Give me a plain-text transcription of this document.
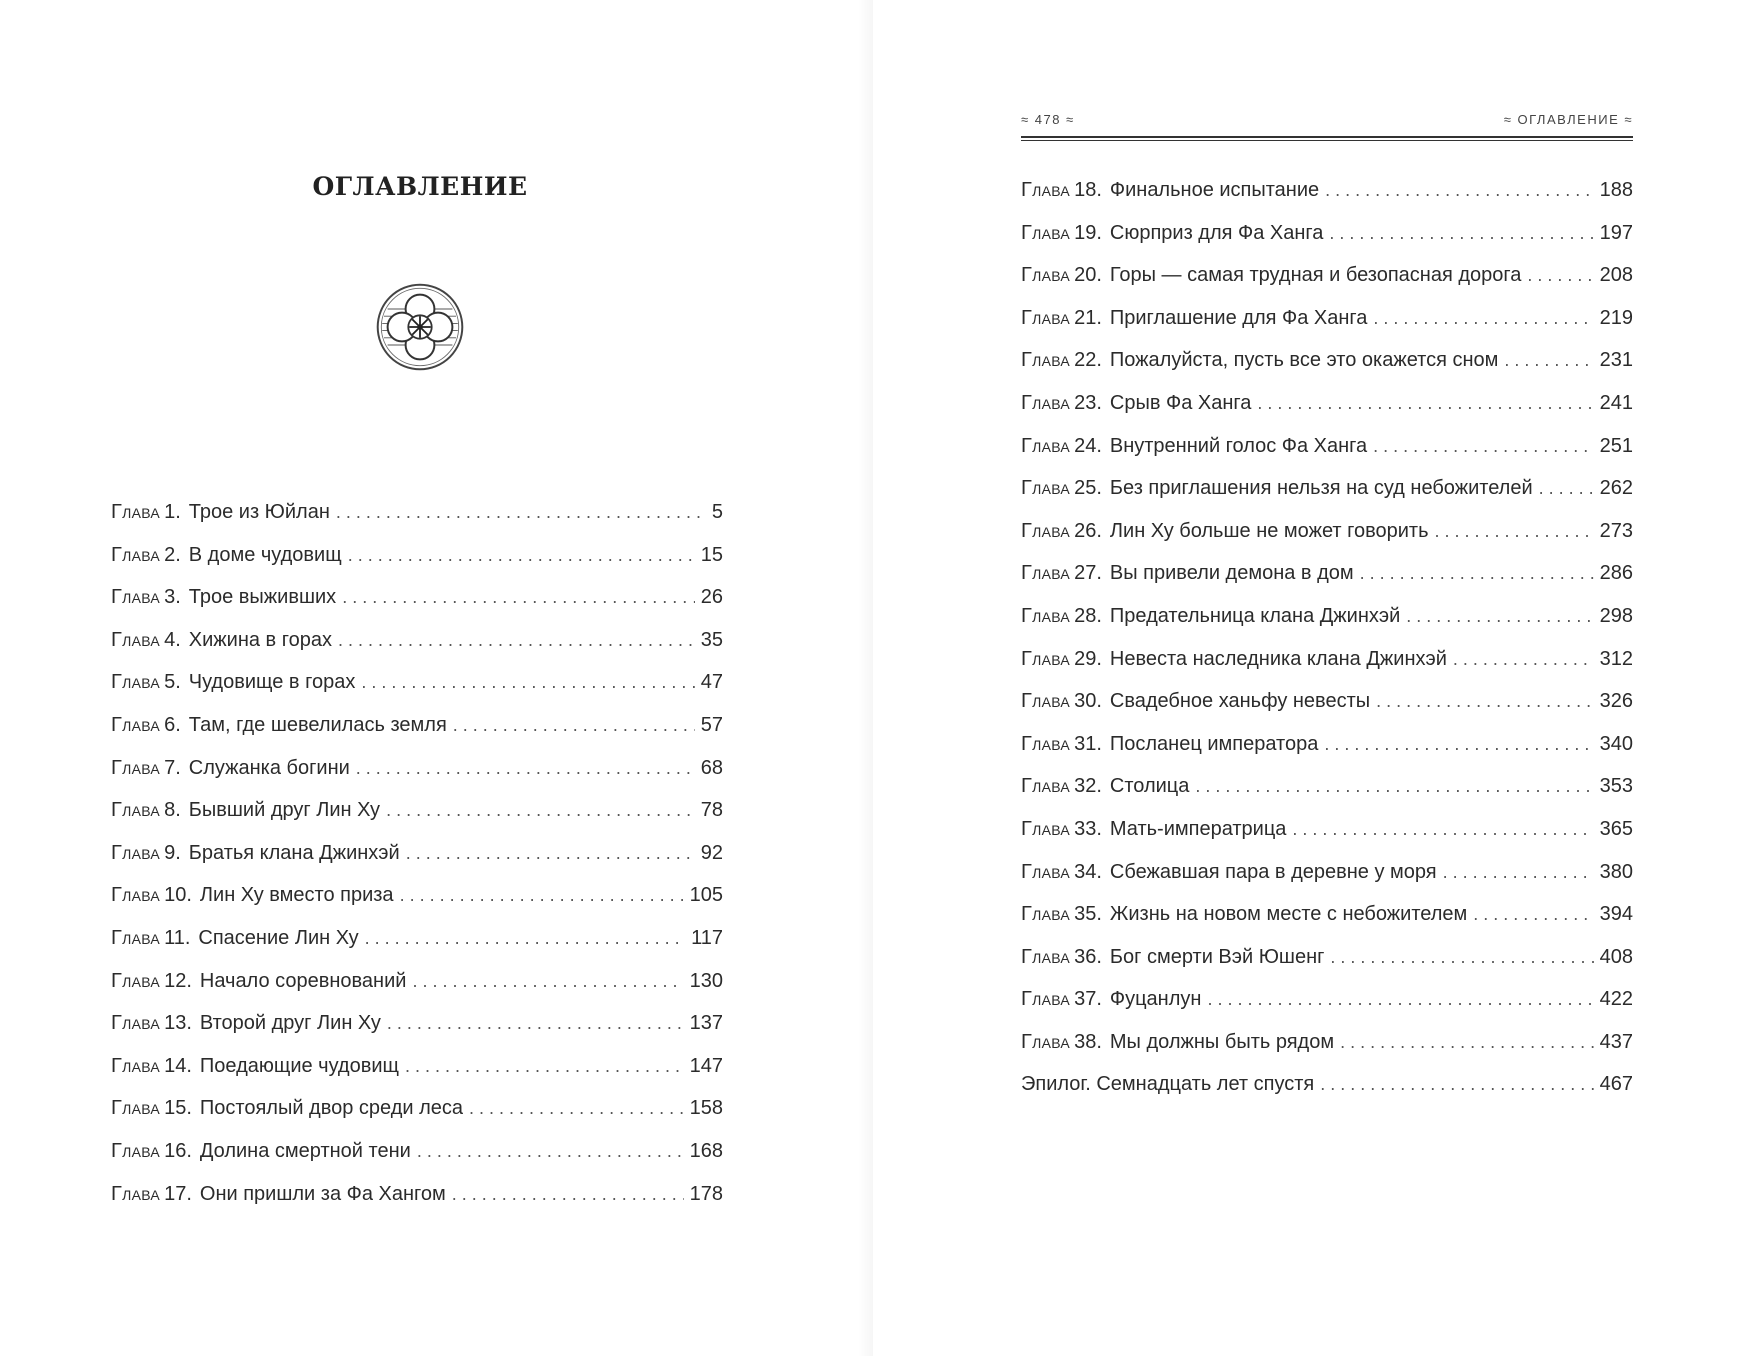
ОГЛАВЛЕНИЕ
Глава 1. Трое из Юйлан . . .	5
Глава 2. В доме чудовищ . . .	15
Глава 3. Трое выживших . . .	26
Глава 4. Хижина в горах . . .	35
Глава 5. Чудовище в горах . . .	47
Глава 6. Там, где шевелилась земля . . .	57
Глава 7. Служанка богини . . .	68
Глава 8. Бывший друг Лин Ху . . .	78
Глава 9. Братья клана Джинхэй . . .	92
Глава 10. Лин Ху вместо приза . . .	105
Глава 11. Спасение Лин Ху . . .	117
Глава 12. Начало соревнований . . .	130
Глава 13. Второй друг Лин Ху . . .	137
Глава 14. Поедающие чудовищ . . .	147
Глава 15. Постоялый двор среди леса . . .	158
Глава 16. Долина смертной тени . . .	168
Глава 17. Они пришли за Фа Хангом . . .	178
≈ 478 ≈	≈ ОГЛАВЛЕНИЕ ≈
Глава 18. Финальное испытание . . .	188
Глава 19. Сюрприз для Фа Ханга . . .	197
Глава 20. Горы — самая трудная и безопасная дорога . . .	208
Глава 21. Приглашение для Фа Ханга . . .	219
Глава 22. Пожалуйста, пусть все это окажется сном . . .	231
Глава 23. Срыв Фа Ханга . . .	241
Глава 24. Внутренний голос Фа Ханга . . .	251
Глава 25. Без приглашения нельзя на суд небожителей . . .	262
Глава 26. Лин Ху больше не может говорить . . .	273
Глава 27. Вы привели демона в дом . . .	286
Глава 28. Предательница клана Джинхэй . . .	298
Глава 29. Невеста наследника клана Джинхэй . . .	312
Глава 30. Свадебное ханьфу невесты . . .	326
Глава 31. Посланец императора . . .	340
Глава 32. Столица . . .	353
Глава 33. Мать-императрица . . .	365
Глава 34. Сбежавшая пара в деревне у моря . . .	380
Глава 35. Жизнь на новом месте с небожителем . . .	394
Глава 36. Бог смерти Вэй Юшенг . . .	408
Глава 37. Фуцанлун . . .	422
Глава 38. Мы должны быть рядом . . .	437
Эпилог. Семнадцать лет спустя . . .	467
